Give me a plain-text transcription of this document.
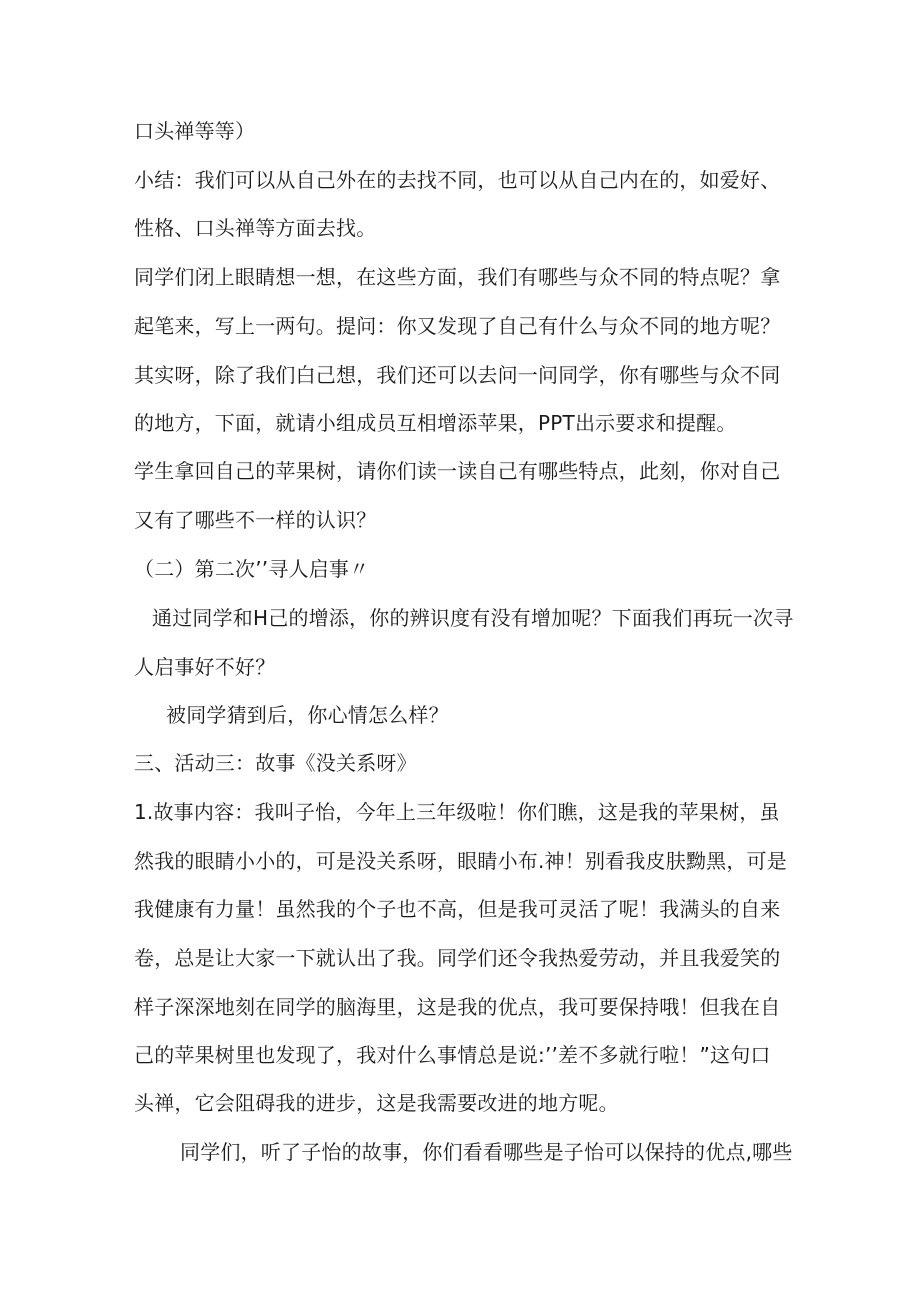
口头禅等等）
小结：我们可以从自己外在的去找不同，也可以从自己内在的，如爱好、
性格、口头禅等方面去找。
同学们闭上眼睛想一想，在这些方面，我们有哪些与众不同的特点呢？拿
起笔来，写上一两句。提问：你又发现了自己有什么与众不同的地方呢？
其实呀，除了我们白己想，我们还可以去问一问同学，你有哪些与众不同
的地方，下面，就请小组成员互相增添苹果，PPT出示要求和提醒。
学生拿回自己的苹果树，请你们读一读自己有哪些特点，此刻，你对自己
又有了哪些不一样的认识？
（二）第二次’’寻人启事〃
通过同学和H己的增添，你的辨识度有没有增加呢？下面我们再玩一次寻
人启事好不好？
被同学猜到后，你心情怎么样？
三、活动三：故事《没关系呀》
1.故事内容：我叫子怡，今年上三年级啦！你们瞧，这是我的苹果树，虽
然我的眼睛小小的，可是没关系呀，眼睛小布.神！别看我皮肤黝黑，可是
我健康有力量！虽然我的个子也不高，但是我可灵活了呢！我满头的自来
卷，总是让大家一下就认出了我。同学们还令我热爱劳动，并且我爱笑的
样子深深地刻在同学的脑海里，这是我的优点，我可要保持哦！但我在自
己的苹果树里也发现了，我对什么事情总是说:’’差不多就行啦！”这句口
头禅，它会阻碍我的进步，这是我需要改进的地方呢。
同学们，听了子怡的故事，你们看看哪些是子怡可以保持的优点,哪些
